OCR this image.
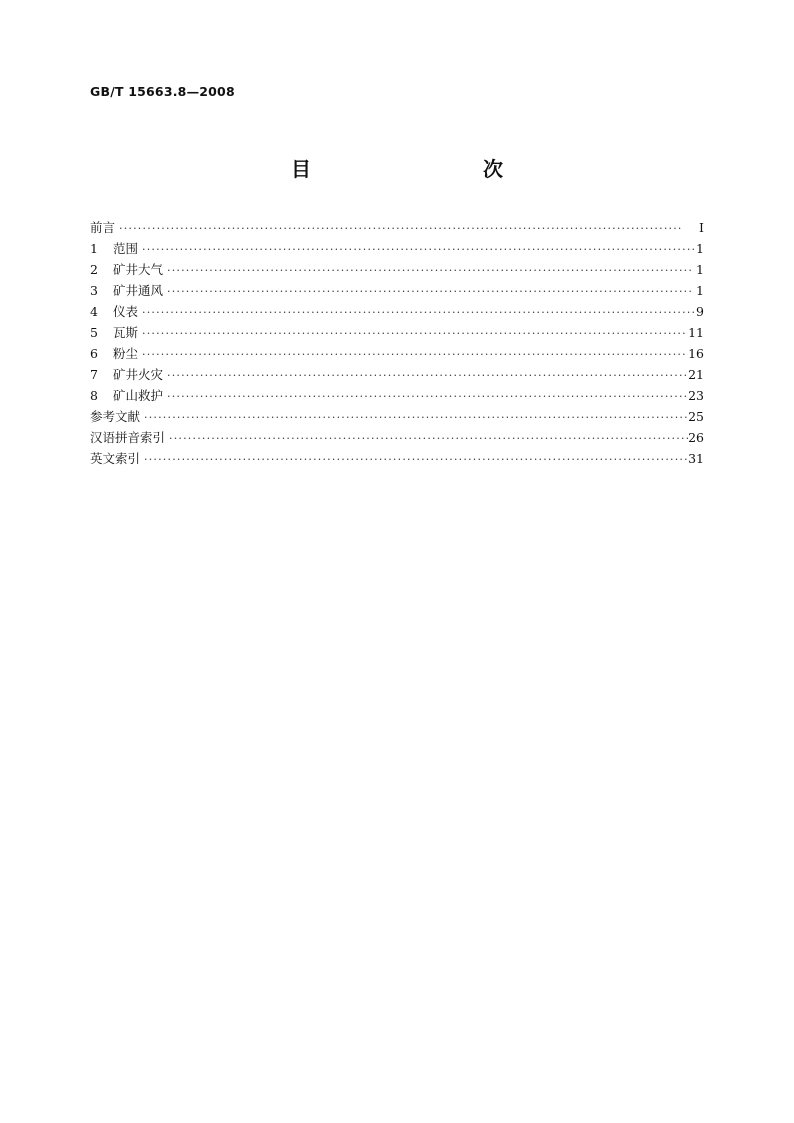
GB/T 15663.8—2008
目　　次
前言 ·····	Ⅰ
1	范围 ·····	1
2	矿井大气 ·····	1
3	矿井通风 ·····	1
4	仪表 ·····	9
5	瓦斯 ·····	11
6	粉尘 ·····	16
7	矿井火灾 ·····	21
8	矿山救护 ·····	23
参考文献 ·····	25
汉语拼音索引 ·····	26
英文索引 ·····	31
